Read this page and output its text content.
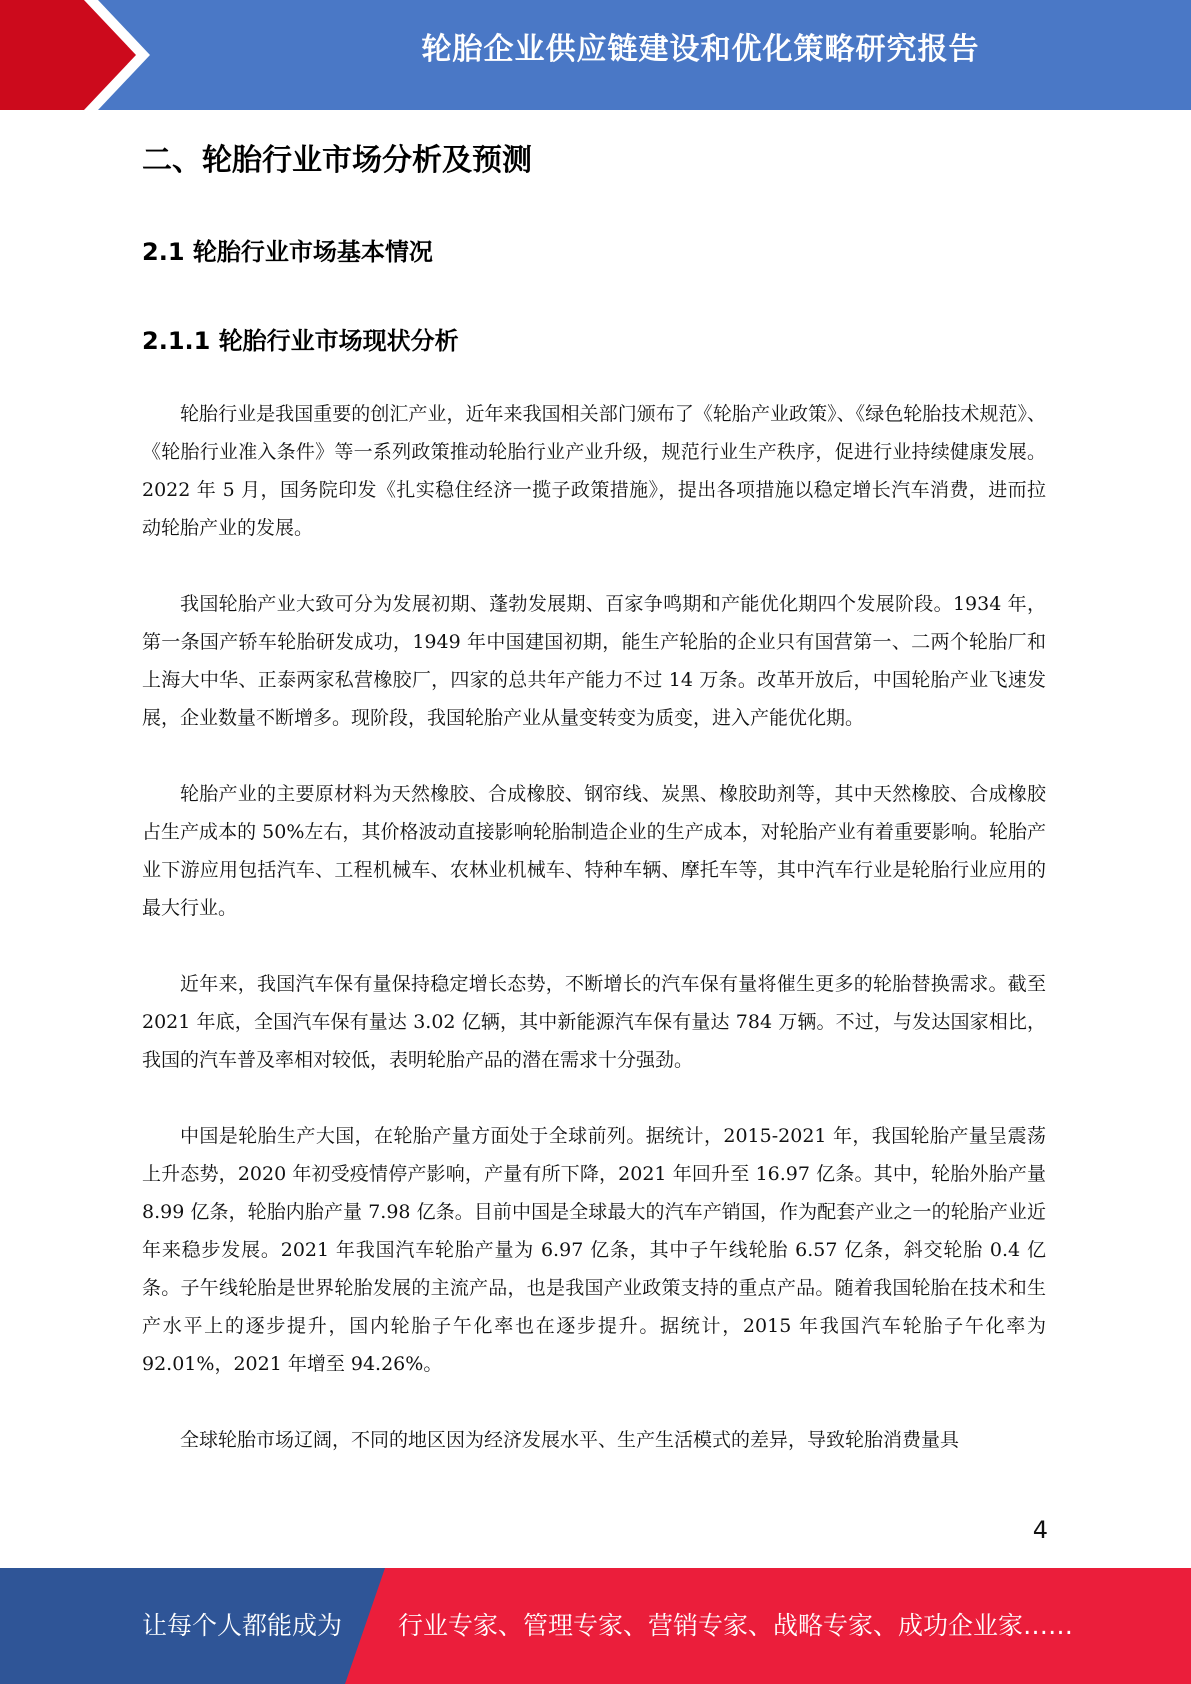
轮胎企业供应链建设和优化策略研究报告
二、轮胎行业市场分析及预测
2.1 轮胎行业市场基本情况
2.1.1 轮胎行业市场现状分析

轮胎行业是我国重要的创汇产业，近年来我国相关部门颁布了《轮胎产业政策》、《绿色轮胎技术规范》、《轮胎行业准入条件》等一系列政策推动轮胎行业产业升级，规范行业生产秩序，促进行业持续健康发展。2022 年 5 月，国务院印发《扎实稳住经济一揽子政策措施》，提出各项措施以稳定增长汽车消费，进而拉动轮胎产业的发展。

我国轮胎产业大致可分为发展初期、蓬勃发展期、百家争鸣期和产能优化期四个发展阶段。1934 年，第一条国产轿车轮胎研发成功，1949 年中国建国初期，能生产轮胎的企业只有国营第一、二两个轮胎厂和上海大中华、正泰两家私营橡胶厂，四家的总共年产能力不过 14 万条。改革开放后，中国轮胎产业飞速发展，企业数量不断增多。现阶段，我国轮胎产业从量变转变为质变，进入产能优化期。

轮胎产业的主要原材料为天然橡胶、合成橡胶、钢帘线、炭黑、橡胶助剂等，其中天然橡胶、合成橡胶占生产成本的 50%左右，其价格波动直接影响轮胎制造企业的生产成本，对轮胎产业有着重要影响。轮胎产业下游应用包括汽车、工程机械车、农林业机械车、特种车辆、摩托车等，其中汽车行业是轮胎行业应用的最大行业。

近年来，我国汽车保有量保持稳定增长态势，不断增长的汽车保有量将催生更多的轮胎替换需求。截至 2021 年底，全国汽车保有量达 3.02 亿辆，其中新能源汽车保有量达 784 万辆。不过，与发达国家相比，我国的汽车普及率相对较低，表明轮胎产品的潜在需求十分强劲。

中国是轮胎生产大国，在轮胎产量方面处于全球前列。据统计，2015-2021 年，我国轮胎产量呈震荡上升态势，2020 年初受疫情停产影响，产量有所下降，2021 年回升至 16.97 亿条。其中，轮胎外胎产量 8.99 亿条，轮胎内胎产量 7.98 亿条。目前中国是全球最大的汽车产销国，作为配套产业之一的轮胎产业近年来稳步发展。2021 年我国汽车轮胎产量为 6.97 亿条，其中子午线轮胎 6.57 亿条，斜交轮胎 0.4 亿条。子午线轮胎是世界轮胎发展的主流产品，也是我国产业政策支持的重点产品。随着我国轮胎在技术和生产水平上的逐步提升，国内轮胎子午化率也在逐步提升。据统计，2015 年我国汽车轮胎子午化率为 92.01%，2021 年增至 94.26%。

全球轮胎市场辽阔，不同的地区因为经济发展水平、生产生活模式的差异，导致轮胎消费量具

4
让每个人都能成为 行业专家、管理专家、营销专家、战略专家、成功企业家……
